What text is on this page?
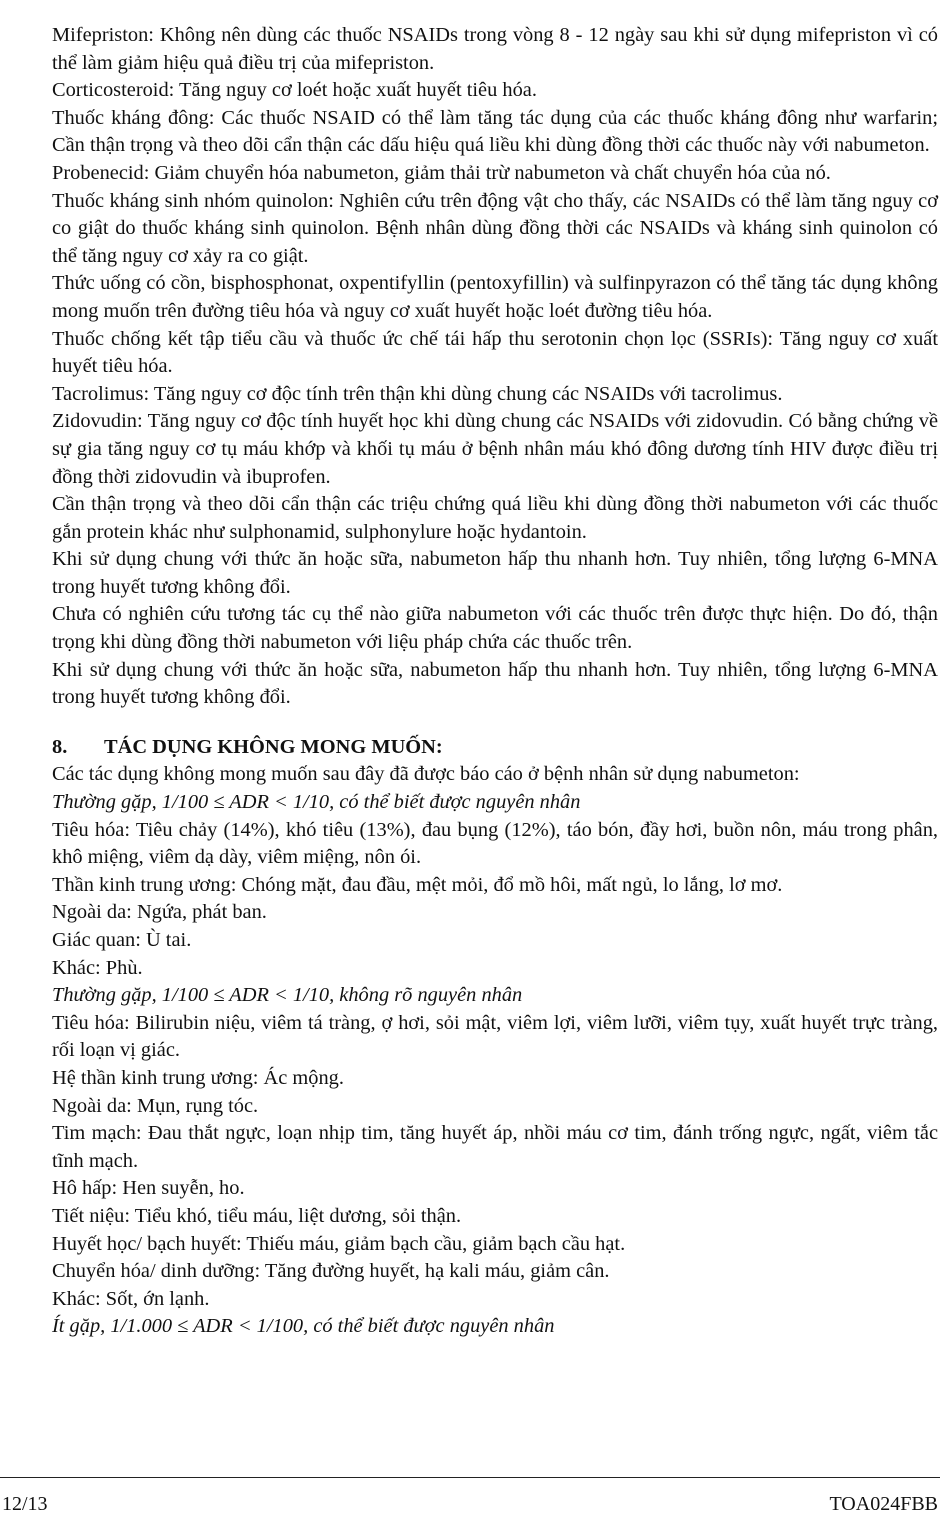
Mifepriston: Không nên dùng các thuốc NSAIDs trong vòng 8 - 12 ngày sau khi sử dụng mifepriston vì có thể làm giảm hiệu quả điều trị của mifepriston.

Corticosteroid: Tăng nguy cơ loét hoặc xuất huyết tiêu hóa.

Thuốc kháng đông: Các thuốc NSAID có thể làm tăng tác dụng của các thuốc kháng đông như warfarin; Cần thận trọng và theo dõi cẩn thận các dấu hiệu quá liều khi dùng đồng thời các thuốc này với nabumeton.

Probenecid: Giảm chuyển hóa nabumeton, giảm thải trừ nabumeton và chất chuyển hóa của nó.

Thuốc kháng sinh nhóm quinolon: Nghiên cứu trên động vật cho thấy, các NSAIDs có thể làm tăng nguy cơ co giật do thuốc kháng sinh quinolon. Bệnh nhân dùng đồng thời các NSAIDs và kháng sinh quinolon có thể tăng nguy cơ xảy ra co giật.

Thức uống có cồn, bisphosphonat, oxpentifyllin (pentoxyfillin) và sulfinpyrazon có thể tăng tác dụng không mong muốn trên đường tiêu hóa và nguy cơ xuất huyết hoặc loét đường tiêu hóa.

Thuốc chống kết tập tiểu cầu và thuốc ức chế tái hấp thu serotonin chọn lọc (SSRIs): Tăng nguy cơ xuất huyết tiêu hóa.

Tacrolimus: Tăng nguy cơ độc tính trên thận khi dùng chung các NSAIDs với tacrolimus.

Zidovudin: Tăng nguy cơ độc tính huyết học khi dùng chung các NSAIDs với zidovudin. Có bằng chứng về sự gia tăng nguy cơ tụ máu khớp và khối tụ máu ở bệnh nhân máu khó đông dương tính HIV được điều trị đồng thời zidovudin và ibuprofen.

Cần thận trọng và theo dõi cẩn thận các triệu chứng quá liều khi dùng đồng thời nabumeton với các thuốc gắn protein khác như sulphonamid, sulphonylure hoặc hydantoin.

Khi sử dụng chung với thức ăn hoặc sữa, nabumeton hấp thu nhanh hơn. Tuy nhiên, tổng lượng 6-MNA trong huyết tương không đổi.

Chưa có nghiên cứu tương tác cụ thể nào giữa nabumeton với các thuốc trên được thực hiện. Do đó, thận trọng khi dùng đồng thời nabumeton với liệu pháp chứa các thuốc trên.

Khi sử dụng chung với thức ăn hoặc sữa, nabumeton hấp thu nhanh hơn. Tuy nhiên, tổng lượng 6-MNA trong huyết tương không đổi.

8.	TÁC DỤNG KHÔNG MONG MUỐN:

Các tác dụng không mong muốn sau đây đã được báo cáo ở bệnh nhân sử dụng nabumeton:

Thường gặp, 1/100 ≤ ADR < 1/10, có thể biết được nguyên nhân

Tiêu hóa: Tiêu chảy (14%), khó tiêu (13%), đau bụng (12%), táo bón, đầy hơi, buồn nôn, máu trong phân, khô miệng, viêm dạ dày, viêm miệng, nôn ói.

Thần kinh trung ương: Chóng mặt, đau đầu, mệt mỏi, đổ mồ hôi, mất ngủ, lo lắng, lơ mơ.

Ngoài da: Ngứa, phát ban.

Giác quan: Ù tai.

Khác: Phù.

Thường gặp, 1/100 ≤ ADR < 1/10, không rõ nguyên nhân

Tiêu hóa: Bilirubin niệu, viêm tá tràng, ợ hơi, sỏi mật, viêm lợi, viêm lưỡi, viêm tụy, xuất huyết trực tràng, rối loạn vị giác.

Hệ thần kinh trung ương: Ác mộng.

Ngoài da: Mụn, rụng tóc.

Tim mạch: Đau thắt ngực, loạn nhịp tim, tăng huyết áp, nhồi máu cơ tim, đánh trống ngực, ngất, viêm tắc tĩnh mạch.

Hô hấp: Hen suyễn, ho.

Tiết niệu: Tiểu khó, tiểu máu, liệt dương, sỏi thận.

Huyết học/ bạch huyết: Thiếu máu, giảm bạch cầu, giảm bạch cầu hạt.

Chuyển hóa/ dinh dưỡng: Tăng đường huyết, hạ kali máu, giảm cân.

Khác: Sốt, ớn lạnh.

Ít gặp, 1/1.000 ≤ ADR < 1/100, có thể biết được nguyên nhân

12/13	TOA024FBB
